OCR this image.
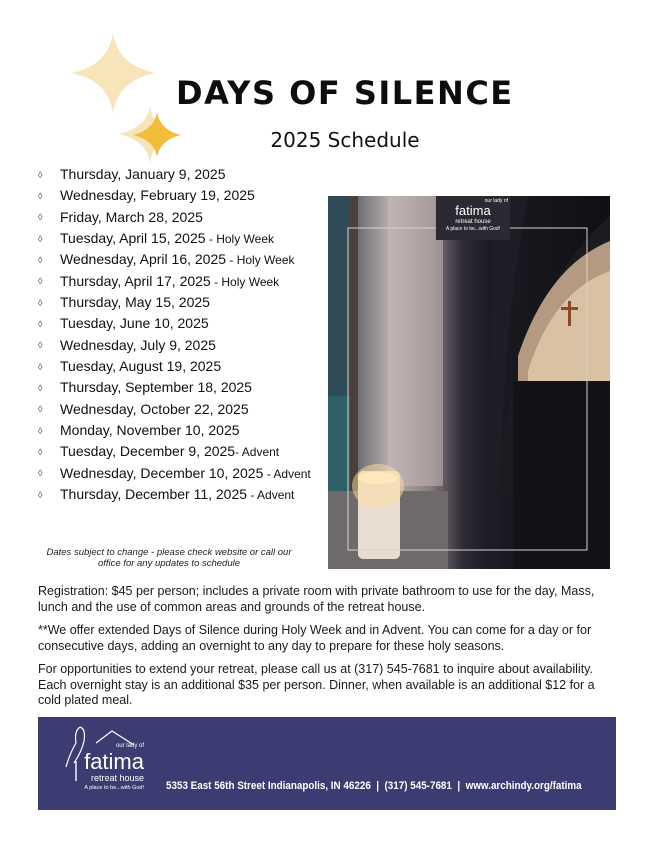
DAYS OF SILENCE
2025 Schedule
◊ Thursday, January 9, 2025
◊ Wednesday, February 19, 2025
◊ Friday, March 28, 2025
◊ Tuesday, April 15, 2025 - Holy Week
◊ Wednesday, April 16, 2025 - Holy Week
◊ Thursday, April 17, 2025 - Holy Week
◊ Thursday, May 15, 2025
◊ Tuesday, June 10, 2025
◊ Wednesday, July 9, 2025
◊ Tuesday, August 19, 2025
◊ Thursday, September 18, 2025
◊ Wednesday, October 22, 2025
◊ Monday, November 10, 2025
◊ Tuesday, December 9, 2025- Advent
◊ Wednesday, December 10, 2025 - Advent
◊ Thursday, December 11, 2025 - Advent
Dates subject to change - please check website or call our office for any updates to schedule
our lady of
fatima
retreat house
A place to be...with God!

Registration: $45 per person; includes a private room with private bathroom to use for the day, Mass, lunch and the use of common areas and grounds of the retreat house.

**We offer extended Days of Silence during Holy Week and in Advent. You can come for a day or for consecutive days, adding an overnight to any day to prepare for these holy seasons.

For opportunities to extend your retreat, please call us at (317) 545-7681 to inquire about availability. Each overnight stay is an additional $35 per person. Dinner, when available is an additional $12 for a cold plated meal.

our lady of
fatima
retreat house
A place to be...with God! 5353 East 56th Street Indianapolis, IN 46226  |  (317) 545-7681  |  www.archindy.org/fatima
